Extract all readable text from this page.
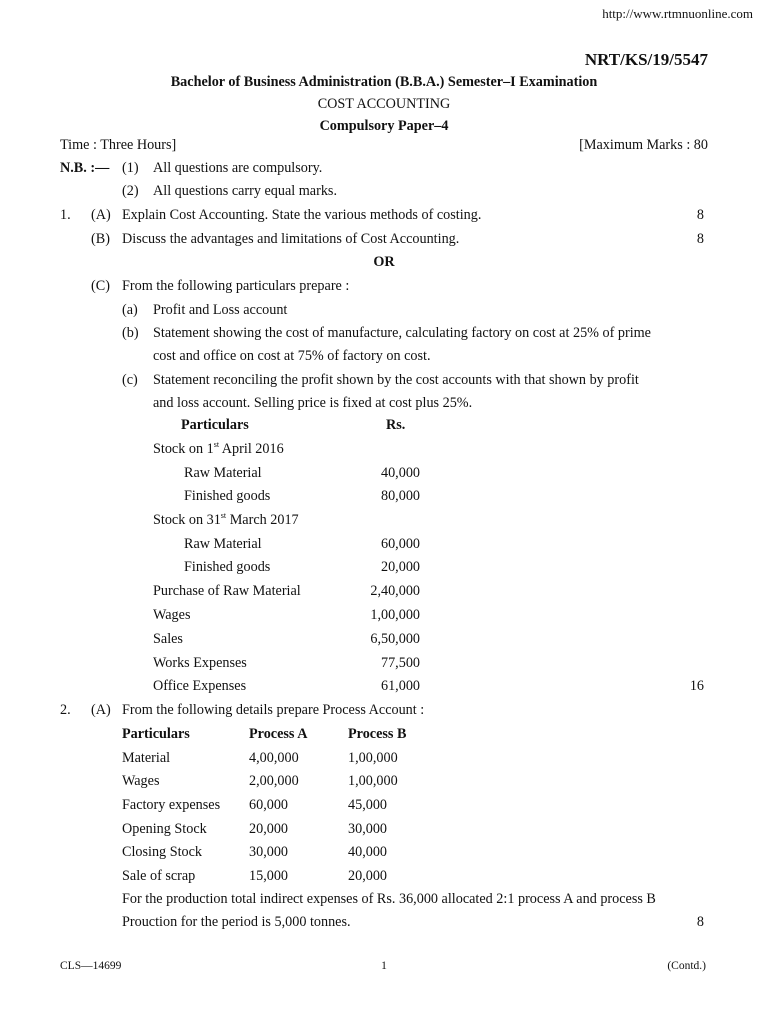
http://www.rtmnuonline.com
NRT/KS/19/5547
Bachelor of Business Administration (B.B.A.) Semester–I Examination
COST ACCOUNTING
Compulsory Paper–4
Time : Three Hours]	[Maximum Marks : 80
N.B. :— (1) All questions are compulsory.
(2) All questions carry equal marks.
1. (A) Explain Cost Accounting. State the various methods of costing.	8
(B) Discuss the advantages and limitations of Cost Accounting.	8
OR
(C) From the following particulars prepare :
(a) Profit and Loss account
(b) Statement showing the cost of manufacture, calculating factory on cost at 25% of prime
cost and office on cost at 75% of factory on cost.
(c) Statement reconciling the profit shown by the cost accounts with that shown by profit
and loss account. Selling price is fixed at cost plus 25%.
Particulars	Rs.
Stock on 1st April 2016
Raw Material	40,000
Finished goods	80,000
Stock on 31st March 2017
Raw Material	60,000
Finished goods	20,000
Purchase of Raw Material	2,40,000
Wages	1,00,000
Sales	6,50,000
Works Expenses	77,500
Office Expenses	61,000	16
2. (A) From the following details prepare Process Account :
Particulars	Process A	Process B
Material	4,00,000	1,00,000
Wages	2,00,000	1,00,000
Factory expenses 60,000	45,000
Opening Stock	20,000	30,000
Closing Stock	30,000	40,000
Sale of scrap	15,000	20,000
For the production total indirect expenses of Rs. 36,000 allocated 2:1 process A and process B
Prouction for the period is 5,000 tonnes.	8
CLS—14699	1	(Contd.)
